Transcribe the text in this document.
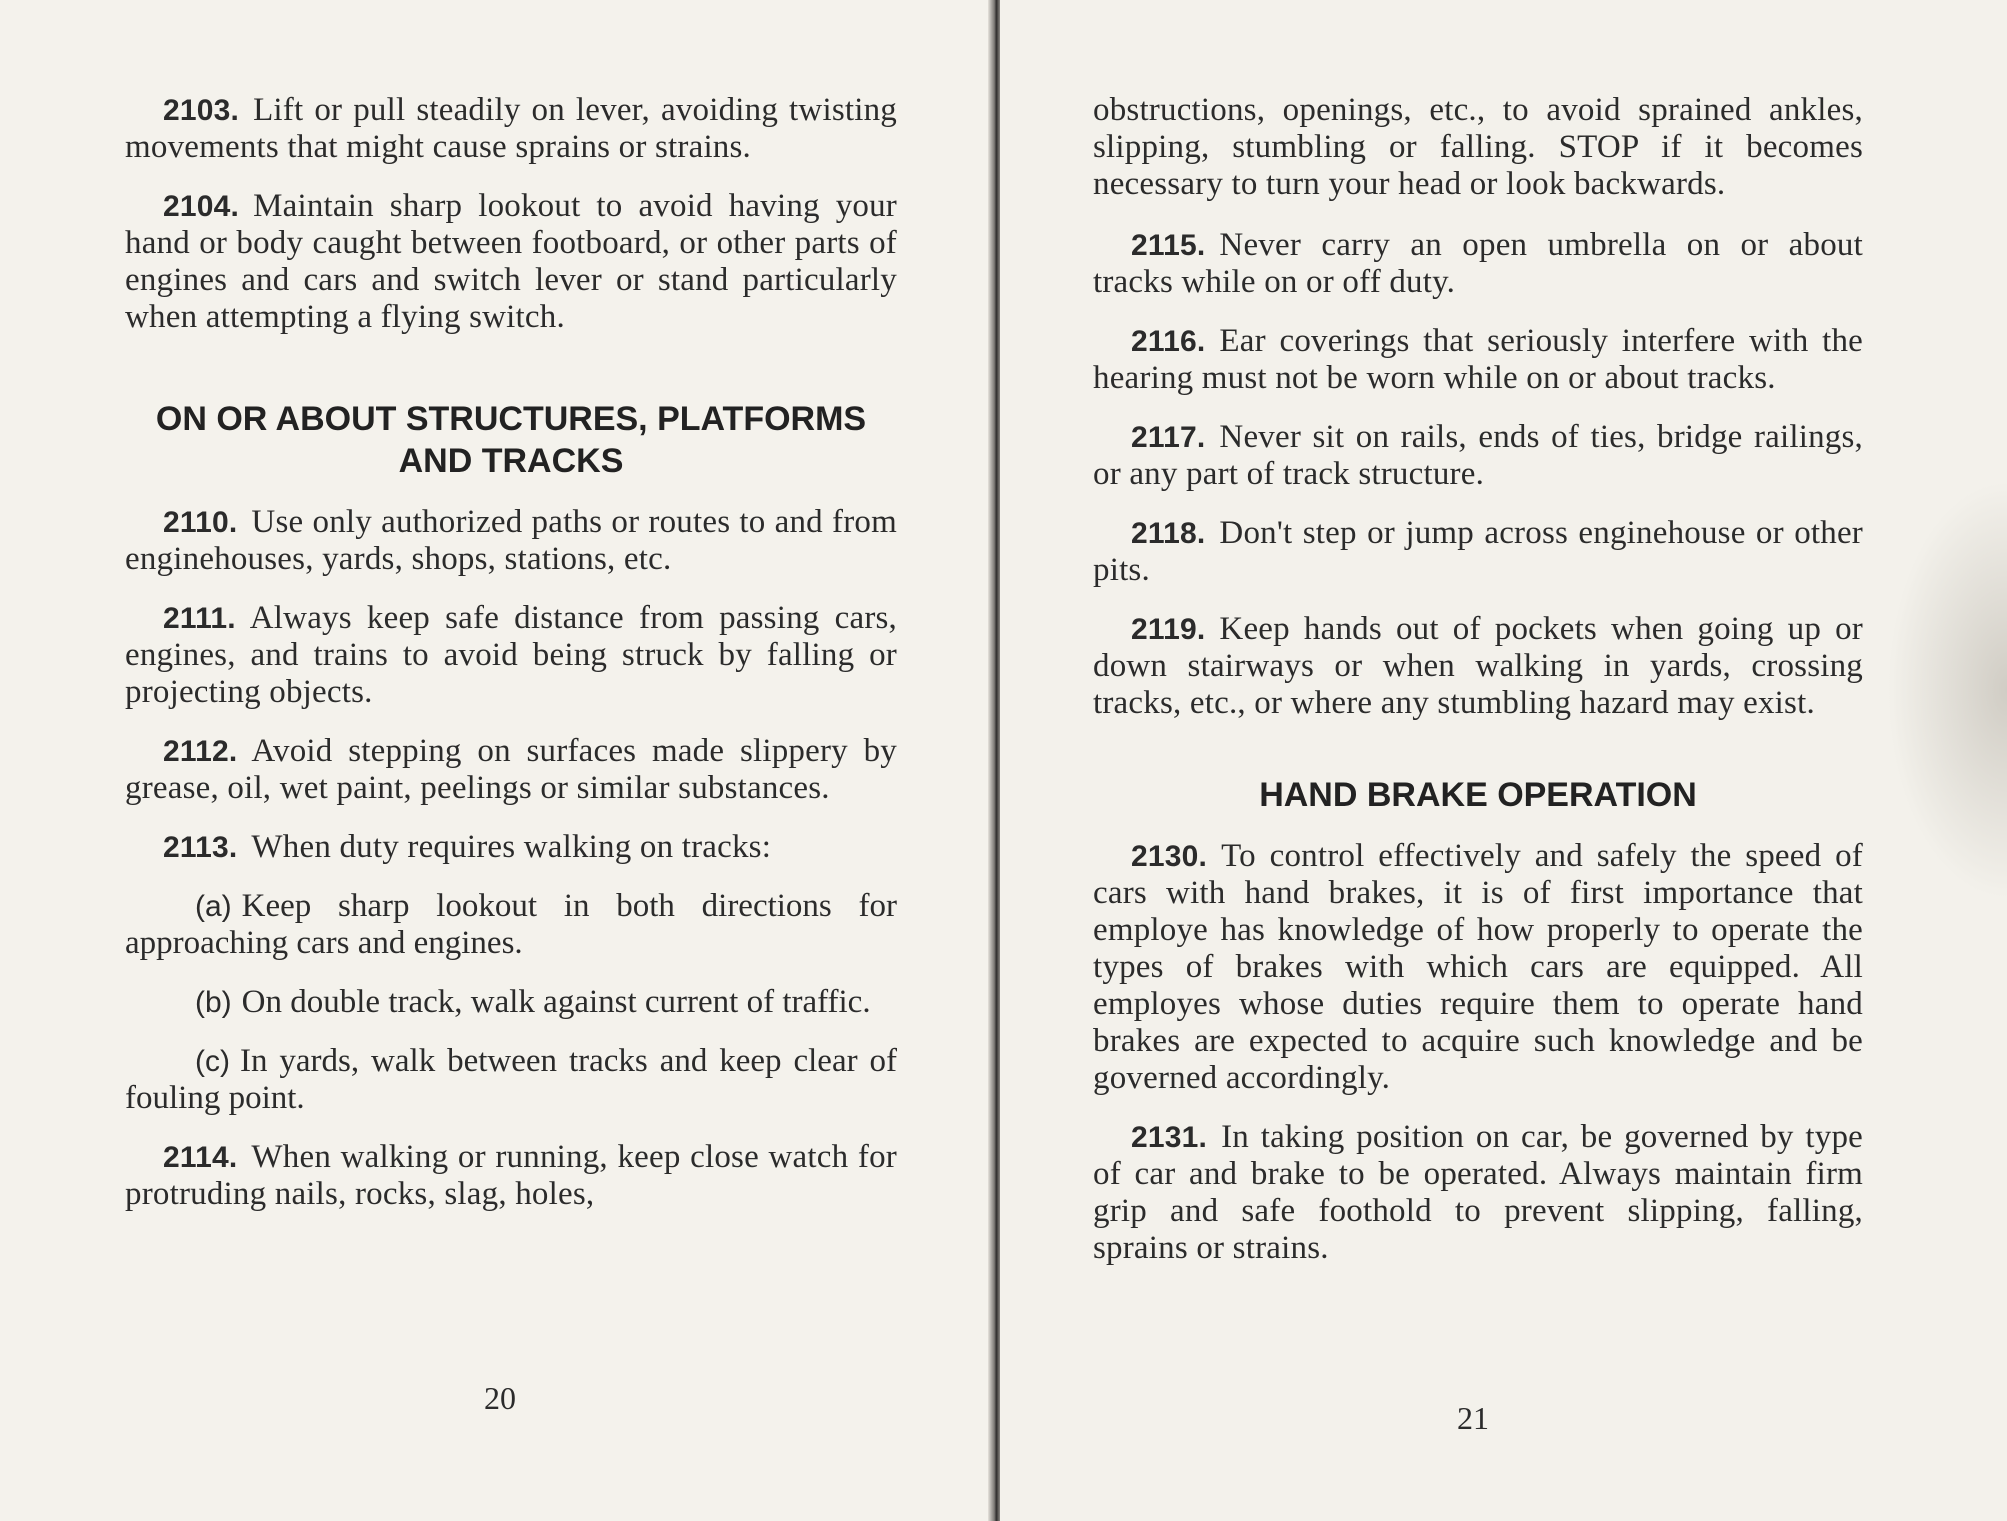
2103. Lift or pull steadily on lever, avoiding twisting movements that might cause sprains or strains.

2104. Maintain sharp lookout to avoid having your hand or body caught between footboard, or other parts of engines and cars and switch lever or stand particularly when attempting a flying switch.

ON OR ABOUT STRUCTURES, PLATFORMS AND TRACKS

2110. Use only authorized paths or routes to and from enginehouses, yards, shops, stations, etc.

2111. Always keep safe distance from passing cars, engines, and trains to avoid being struck by falling or projecting objects.

2112. Avoid stepping on surfaces made slippery by grease, oil, wet paint, peelings or similar substances.

2113. When duty requires walking on tracks:

(a) Keep sharp lookout in both directions for approaching cars and engines.

(b) On double track, walk against current of traffic.

(c) In yards, walk between tracks and keep clear of fouling point.

2114. When walking or running, keep close watch for protruding nails, rocks, slag, holes,

20

obstructions, openings, etc., to avoid sprained ankles, slipping, stumbling or falling. STOP if it becomes necessary to turn your head or look backwards.

2115. Never carry an open umbrella on or about tracks while on or off duty.

2116. Ear coverings that seriously interfere with the hearing must not be worn while on or about tracks.

2117. Never sit on rails, ends of ties, bridge railings, or any part of track structure.

2118. Don't step or jump across enginehouse or other pits.

2119. Keep hands out of pockets when going up or down stairways or when walking in yards, crossing tracks, etc., or where any stumbling hazard may exist.

HAND BRAKE OPERATION

2130. To control effectively and safely the speed of cars with hand brakes, it is of first importance that employe has knowledge of how properly to operate the types of brakes with which cars are equipped. All employes whose duties require them to operate hand brakes are expected to acquire such knowledge and be governed accordingly.

2131. In taking position on car, be governed by type of car and brake to be operated. Always maintain firm grip and safe foothold to prevent slipping, falling, sprains or strains.

21
